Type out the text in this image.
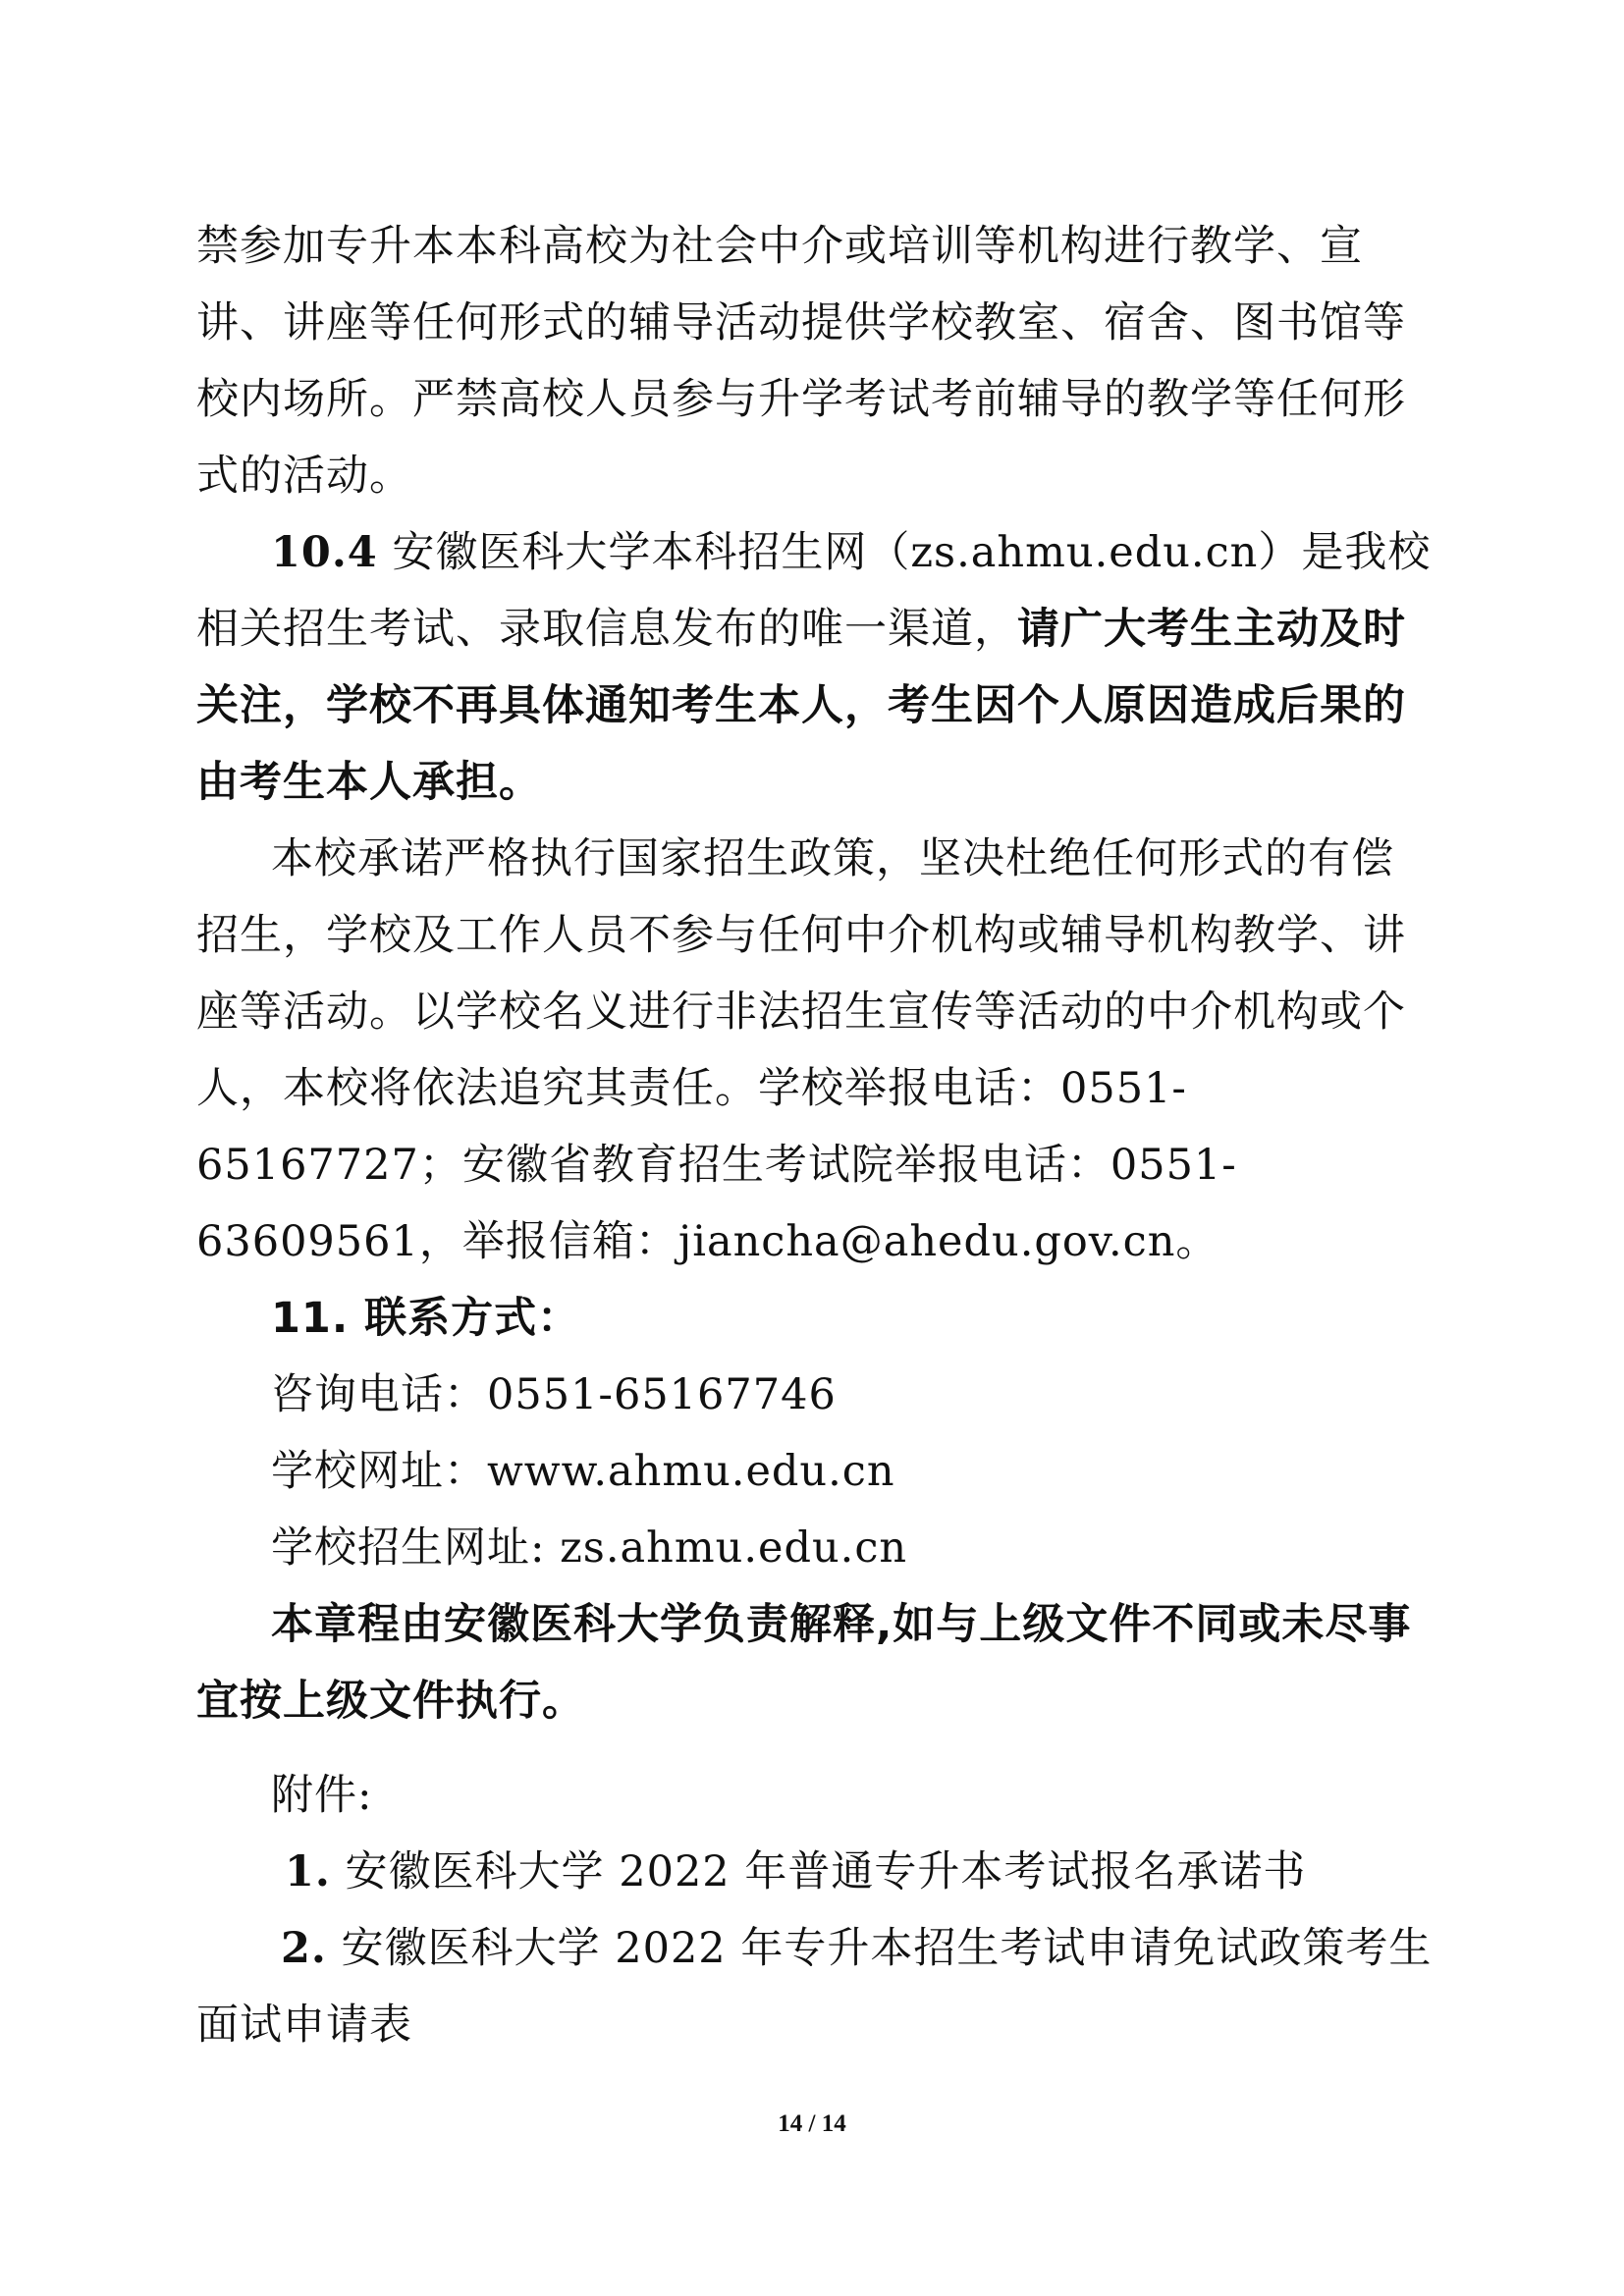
禁参加专升本本科高校为社会中介或培训等机构进行教学、宣讲、讲座等任何形式的辅导活动提供学校教室、宿舍、图书馆等校内场所。严禁高校人员参与升学考试考前辅导的教学等任何形式的活动。

10.4 安徽医科大学本科招生网（zs.ahmu.edu.cn）是我校相关招生考试、录取信息发布的唯一渠道，请广大考生主动及时关注，学校不再具体通知考生本人，考生因个人原因造成后果的由考生本人承担。

本校承诺严格执行国家招生政策，坚决杜绝任何形式的有偿招生，学校及工作人员不参与任何中介机构或辅导机构教学、讲座等活动。以学校名义进行非法招生宣传等活动的中介机构或个人，本校将依法追究其责任。学校举报电话：0551-65167727；安徽省教育招生考试院举报电话：0551-63609561，举报信箱：jiancha@ahedu.gov.cn。

11. 联系方式：

咨询电话：0551-65167746

学校网址：www.ahmu.edu.cn

学校招生网址: zs.ahmu.edu.cn

本章程由安徽医科大学负责解释,如与上级文件不同或未尽事宜按上级文件执行。

附件:

1. 安徽医科大学 2022 年普通专升本考试报名承诺书

2. 安徽医科大学 2022 年专升本招生考试申请免试政策考生面试申请表

14 / 14
